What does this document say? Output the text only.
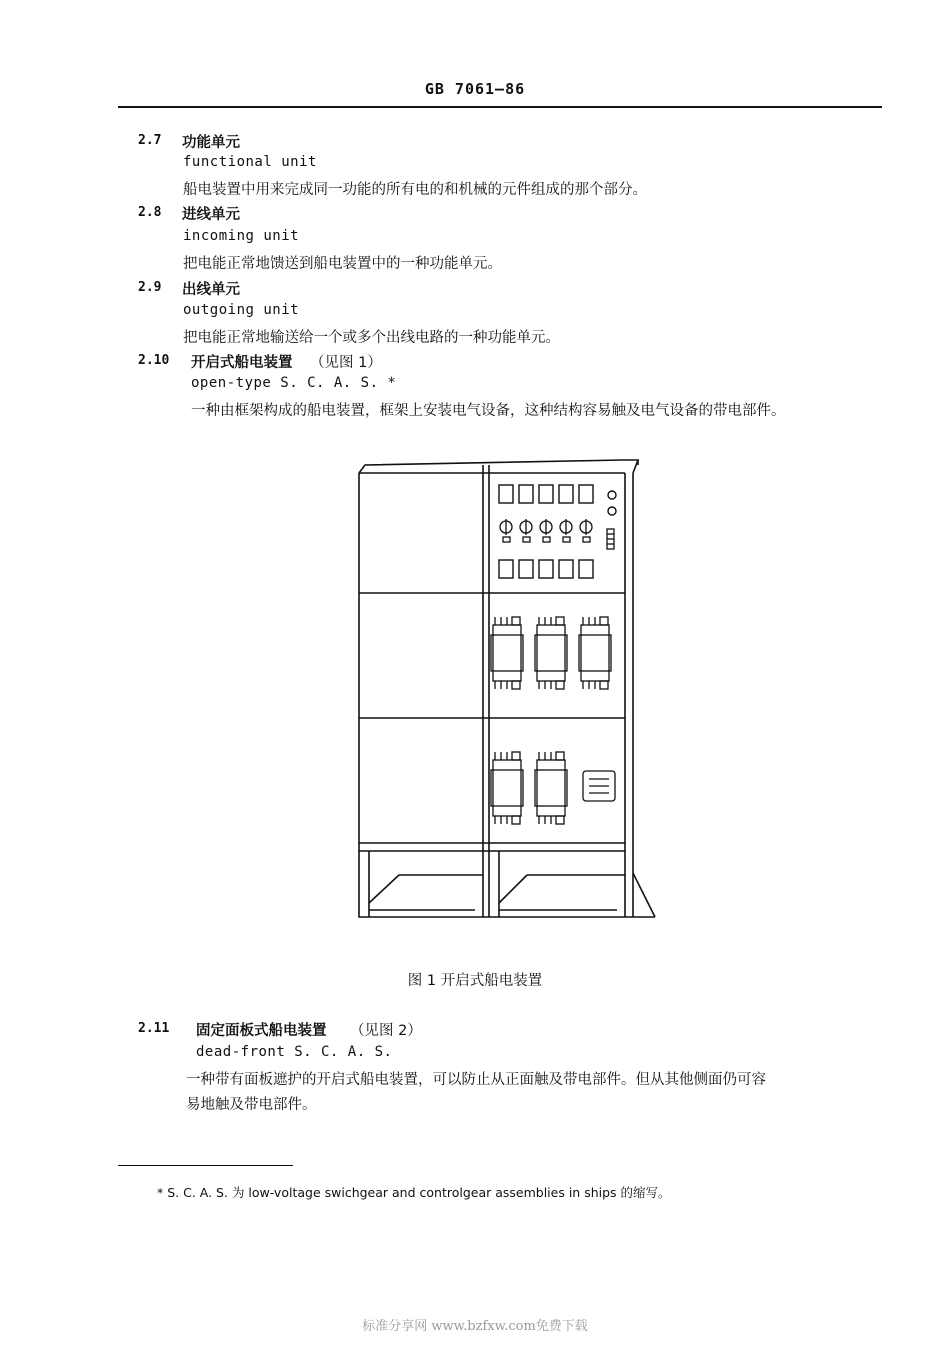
GB 7061—86
2.7 功能单元
functional unit
船电装置中用来完成同一功能的所有电的和机械的元件组成的那个部分。
2.8 进线单元
incoming unit
把电能正常地馈送到船电装置中的一种功能单元。
2.9 出线单元
outgoing unit
把电能正常地输送给一个或多个出线电路的一种功能单元。
2.10 开启式船电装置 （见图 1）
open-type S. C. A. S. *
一种由框架构成的船电装置，框架上安装电气设备，这种结构容易触及电气设备的带电部件。
图 1 开启式船电装置
2.11 固定面板式船电装置 （见图 2）
dead-front S. C. A. S.
一种带有面板遮护的开启式船电装置，可以防止从正面触及带电部件。但从其他侧面仍可容
易地触及带电部件。
* S. C. A. S. 为 low-voltage swichgear and controlgear assemblies in ships 的缩写。
标准分享网 www.bzfxw.com免费下载
